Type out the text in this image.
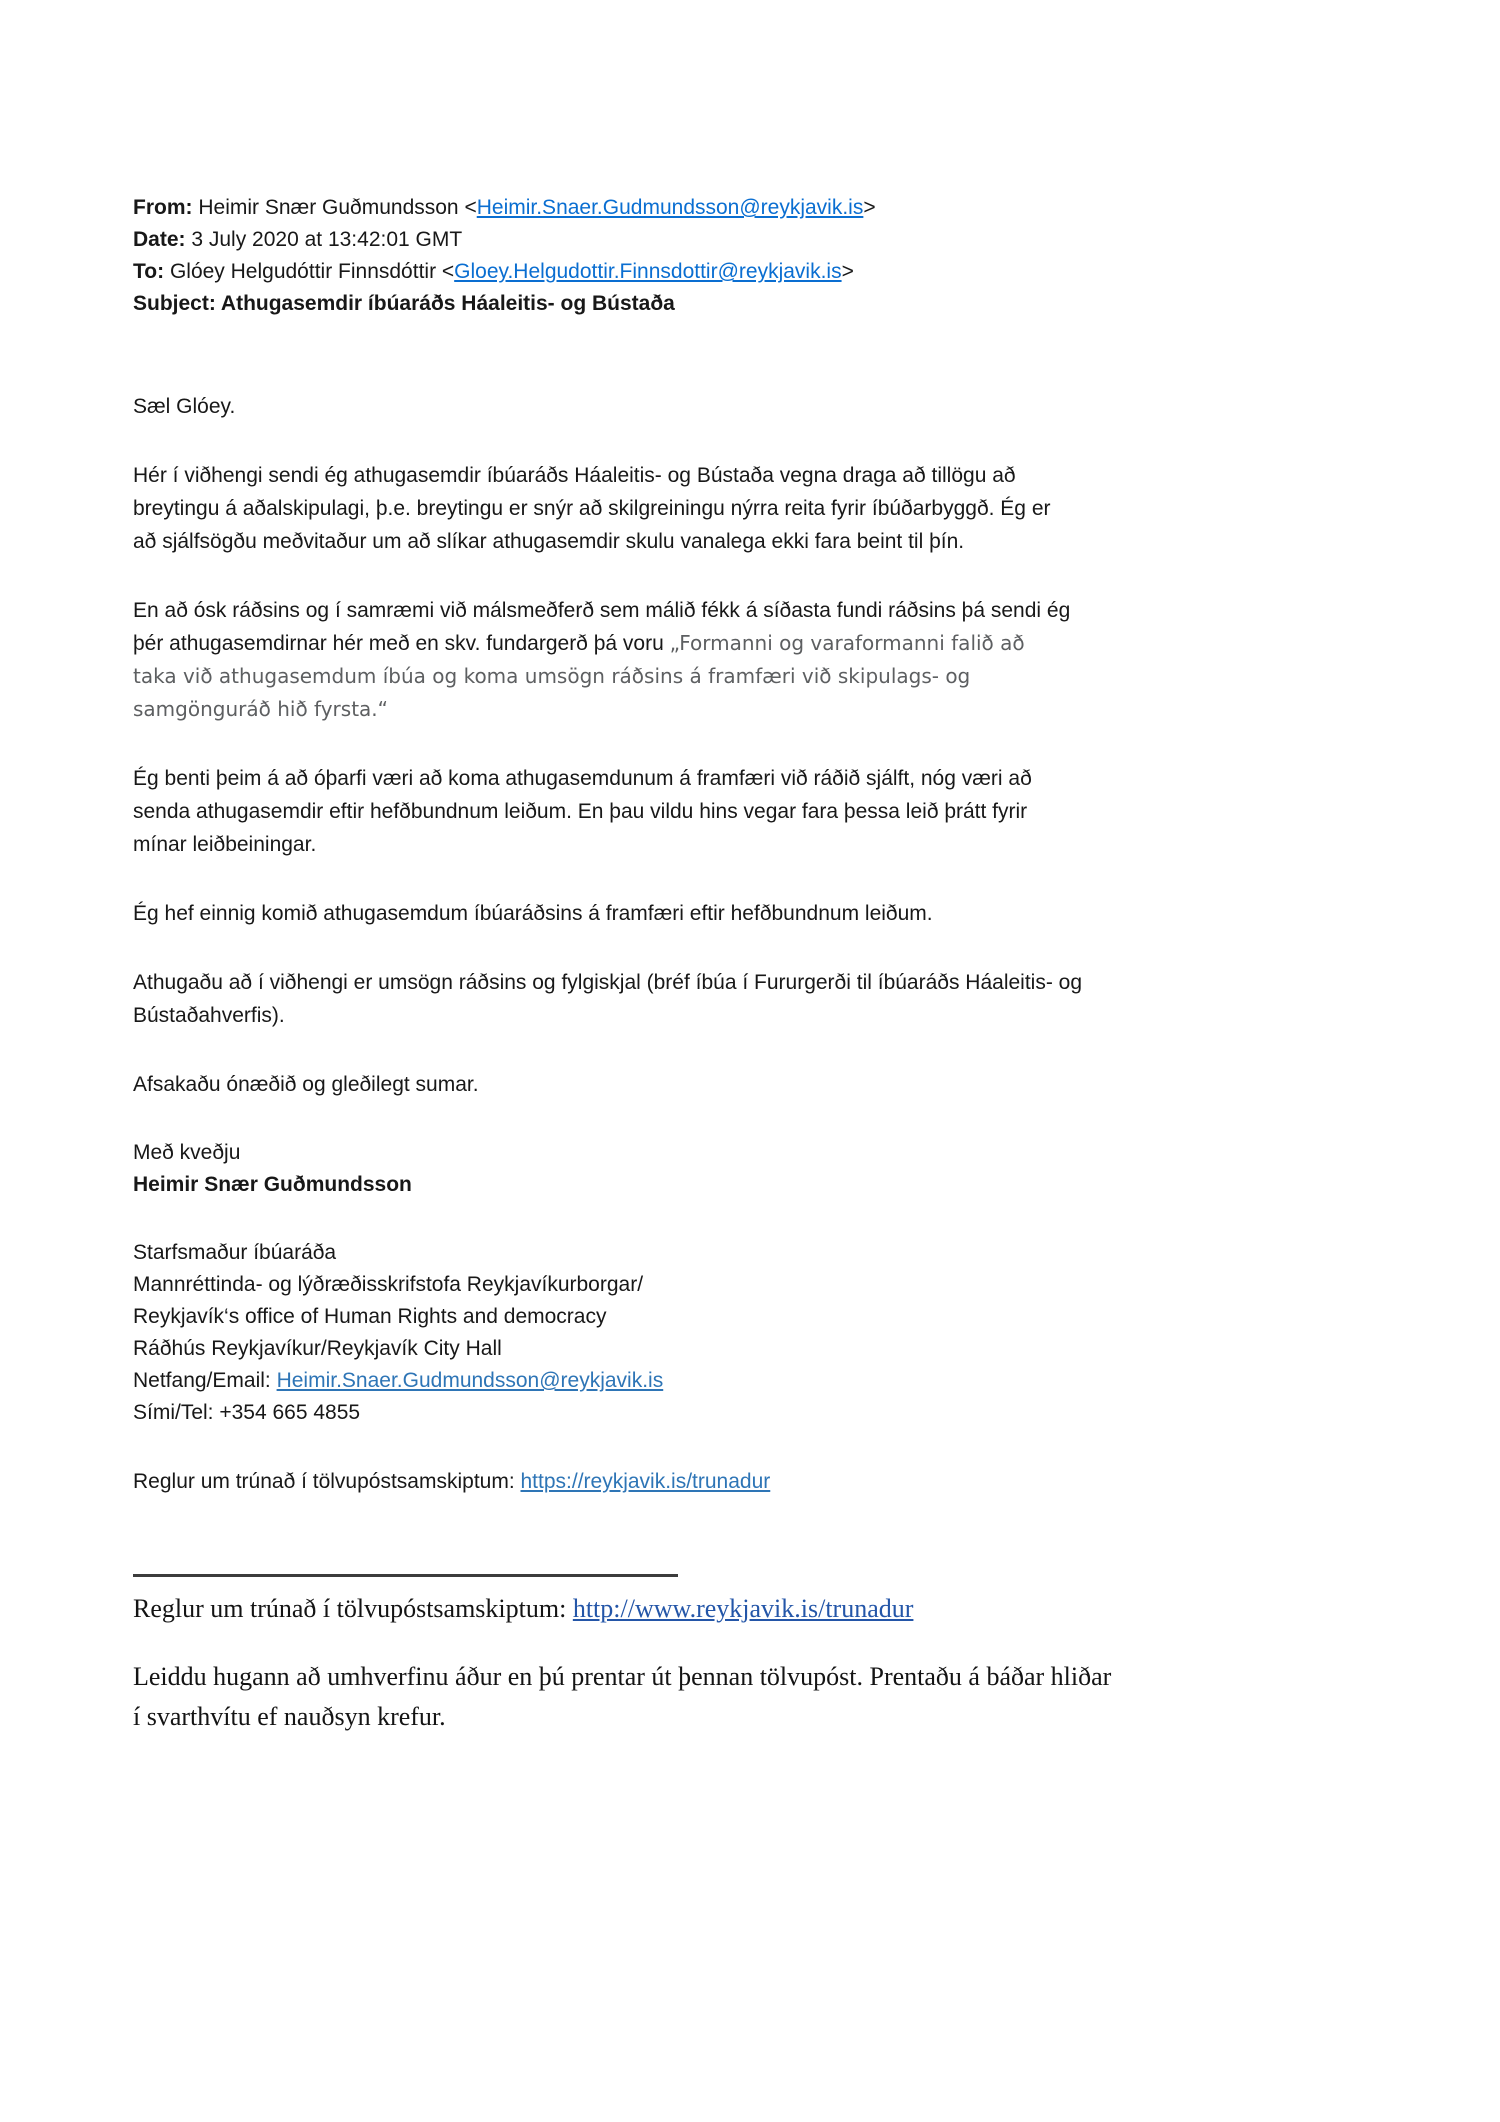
From: Heimir Snær Guðmundsson <Heimir.Snaer.Gudmundsson@reykjavik.is>

Date: 3 July 2020 at 13:42:01 GMT

To: Glóey Helgudóttir Finnsdóttir <Gloey.Helgudottir.Finnsdottir@reykjavik.is>

Subject: Athugasemdir íbúaráðs Háaleitis- og Bústaða

Sæl Glóey.

Hér í viðhengi sendi ég athugasemdir íbúaráðs Háaleitis- og Bústaða vegna draga að tillögu að
breytingu á aðalskipulagi, þ.e. breytingu er snýr að skilgreiningu nýrra reita fyrir íbúðarbyggð. Ég er
að sjálfsögðu meðvitaður um að slíkar athugasemdir skulu vanalega ekki fara beint til þín.

En að ósk ráðsins og í samræmi við málsmeðferð sem málið fékk á síðasta fundi ráðsins þá sendi ég
þér athugasemdirnar hér með en skv. fundargerð þá voru „Formanni og varaformanni falið að
taka við athugasemdum íbúa og koma umsögn ráðsins á framfæri við skipulags- og
samgönguráð hið fyrsta.“

Ég benti þeim á að óþarfi væri að koma athugasemdunum á framfæri við ráðið sjálft, nóg væri að
senda athugasemdir eftir hefðbundnum leiðum. En þau vildu hins vegar fara þessa leið þrátt fyrir
mínar leiðbeiningar.

Ég hef einnig komið athugasemdum íbúaráðsins á framfæri eftir hefðbundnum leiðum.

Athugaðu að í viðhengi er umsögn ráðsins og fylgiskjal (bréf íbúa í Fururgerði til íbúaráðs Háaleitis- og
Bústaðahverfis).

Afsakaðu ónæðið og gleðilegt sumar.

Með kveðju

Heimir Snær Guðmundsson

Starfsmaður íbúaráða

Mannréttinda- og lýðræðisskrifstofa Reykjavíkurborgar/

Reykjavík‘s office of Human Rights and democracy

Ráðhús Reykjavíkur/Reykjavík City Hall

Netfang/Email: Heimir.Snaer.Gudmundsson@reykjavik.is

Sími/Tel: +354 665 4855

Reglur um trúnað í tölvupóstsamskiptum: https://reykjavik.is/trunadur

Reglur um trúnað í tölvupóstsamskiptum: http://www.reykjavik.is/trunadur

Leiddu hugann að umhverfinu áður en þú prentar út þennan tölvupóst. Prentaðu á báðar hliðar
í svarthvítu ef nauðsyn krefur.
